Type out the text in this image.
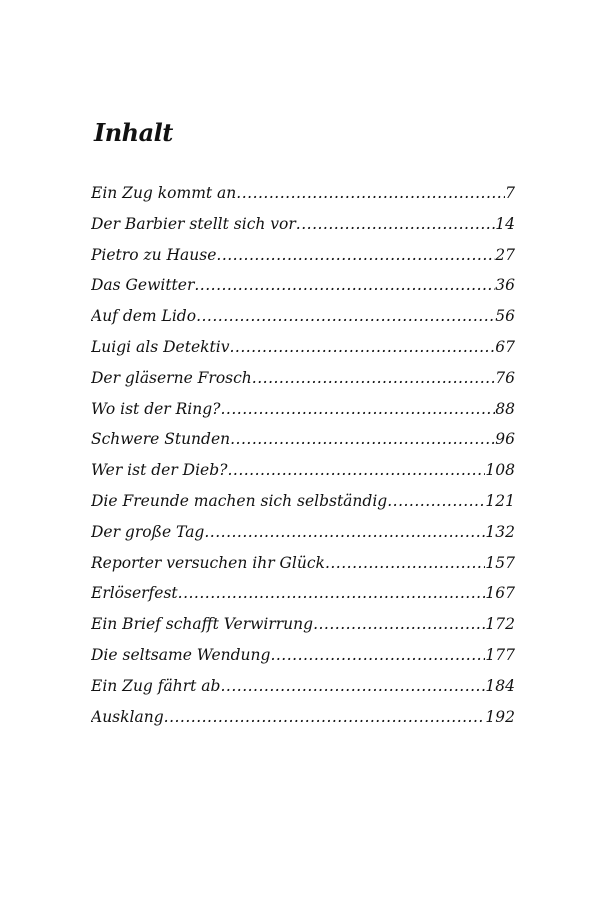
Inhalt
Ein Zug kommt an .....	7
Der Barbier stellt sich vor .....	14
Pietro zu Hause .....	27
Das Gewitter .....	36
Auf dem Lido .....	56
Luigi als Detektiv .....	67
Der gläserne Frosch .....	76
Wo ist der Ring? .....	88
Schwere Stunden .....	96
Wer ist der Dieb? .....	108
Die Freunde machen sich selbständig .....	121
Der große Tag .....	132
Reporter versuchen ihr Glück .....	157
Erlöserfest .....	167
Ein Brief schafft Verwirrung .....	172
Die seltsame Wendung .....	177
Ein Zug fährt ab .....	184
Ausklang .....	192
